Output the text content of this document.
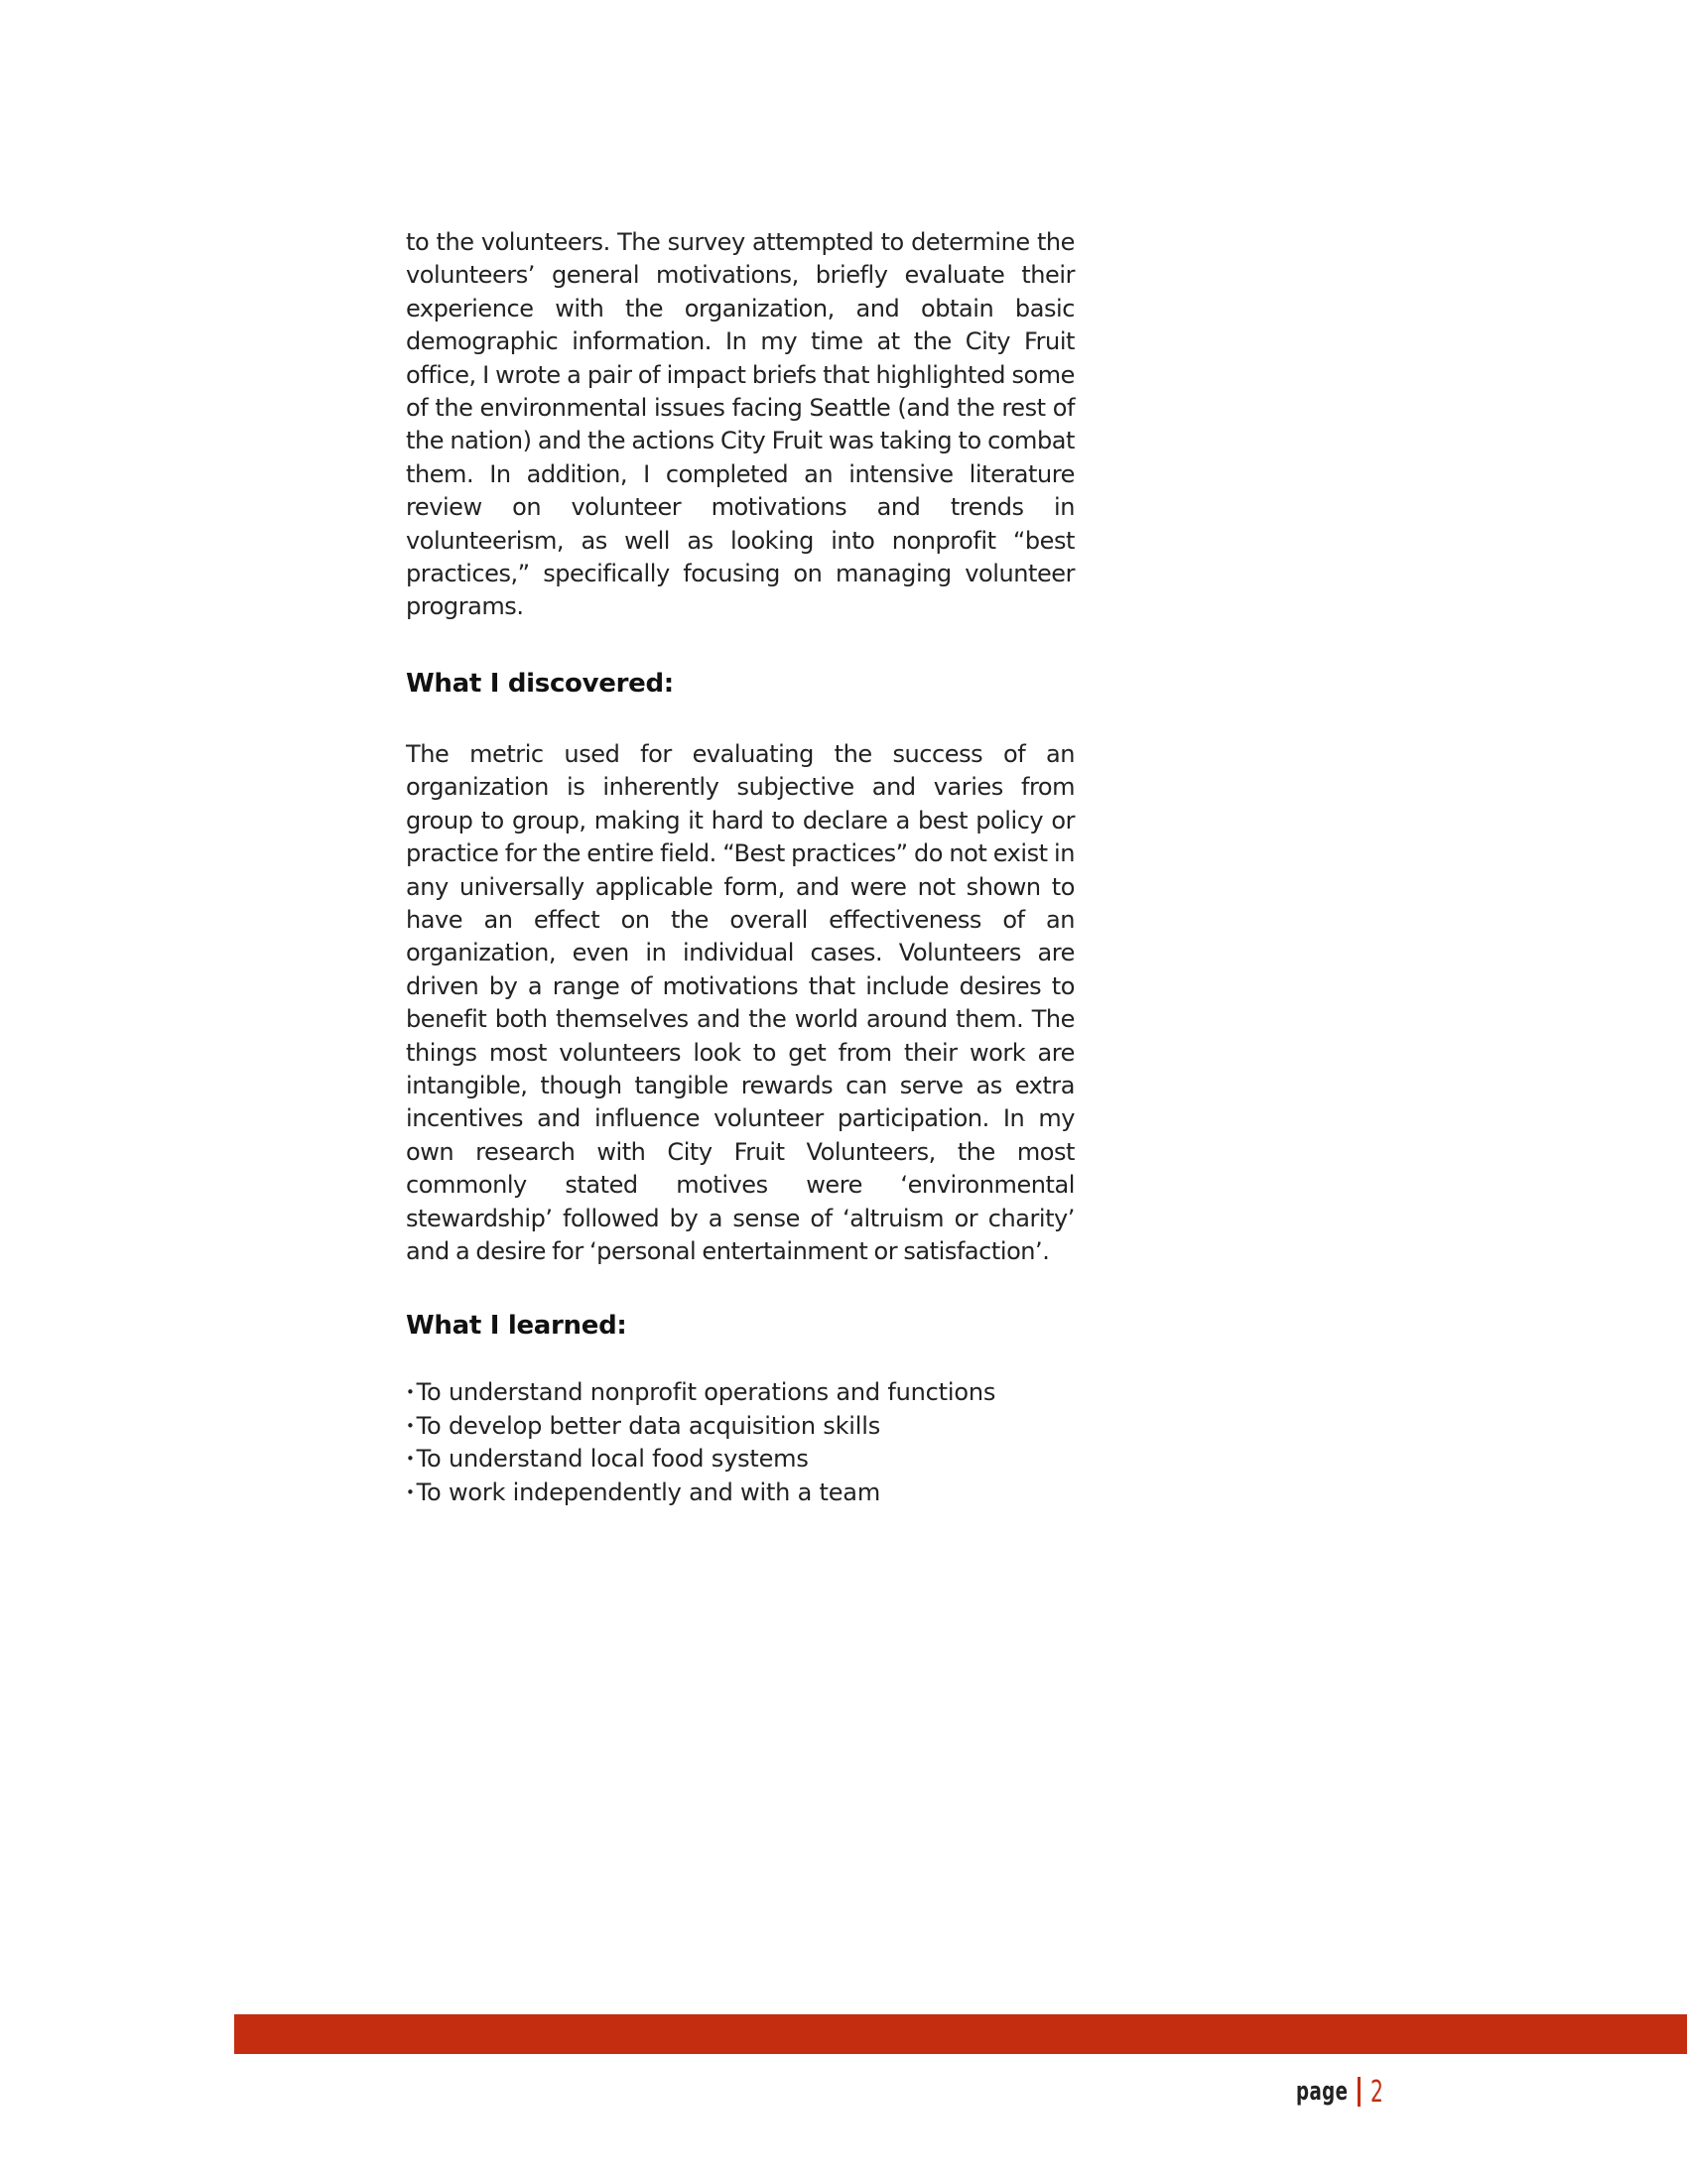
to the volunteers. The survey attempted to determine the volunteers’ general motivations, briefly evaluate their experience with the organization, and obtain basic demographic information. In my time at the City Fruit office, I wrote a pair of impact briefs that highlighted some of the environmental issues facing Seattle (and the rest of the nation) and the actions City Fruit was taking to combat them. In addition, I completed an intensive literature review on volunteer motivations and trends in volunteerism, as well as looking into nonprofit “best practices,” specifically focusing on managing volunteer programs.

What I discovered:

The metric used for evaluating the success of an organization is inherently subjective and varies from group to group, making it hard to declare a best policy or practice for the entire field. “Best practices” do not exist in any universally applicable form, and were not shown to have an effect on the overall effectiveness of an organization, even in individual cases. Volunteers are driven by a range of motivations that include desires to benefit both themselves and the world around them. The things most volunteers look to get from their work are intangible, though tangible rewards can serve as extra incentives and influence volunteer participation. In my own research with City Fruit Volunteers, the most commonly stated motives were ‘environmental stewardship’ followed by a sense of ‘altruism or charity’ and a desire for ‘personal entertainment or satisfaction’.

What I learned:
•To understand nonprofit operations and functions
•To develop better data acquisition skills
•To understand local food systems
•To work independently and with a team
page 2
